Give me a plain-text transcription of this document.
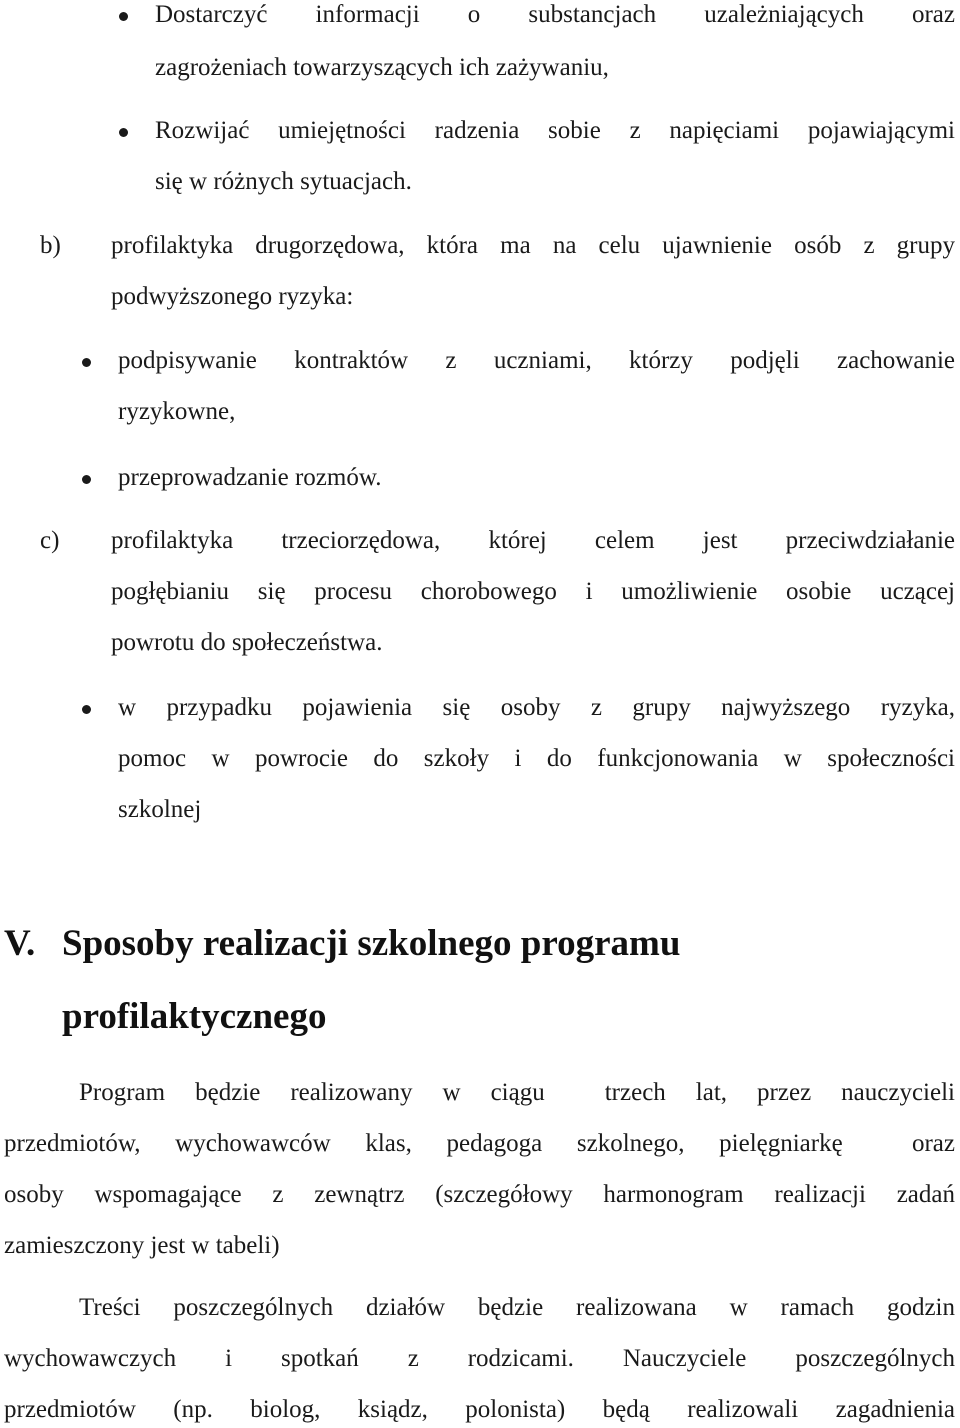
Dostarczyć informacji o substancjach uzależniających oraz
zagrożeniach towarzyszących ich zażywaniu,
Rozwijać umiejętności radzenia sobie z napięciami pojawiającymi
się w różnych sytuacjach.
b) profilaktyka drugorzędowa, która ma na celu ujawnienie osób z grupy
podwyższonego ryzyka:
podpisywanie kontraktów z uczniami, którzy podjęli zachowanie
ryzykowne,
przeprowadzanie rozmów.
c) profilaktyka trzeciorzędowa, której celem jest przeciwdziałanie
pogłębianiu się procesu chorobowego i umożliwienie osobie uczącej
powrotu do społeczeństwa.
w przypadku pojawienia się osoby z grupy najwyższego ryzyka,
pomoc w powrocie do szkoły i do funkcjonowania w społeczności
szkolnej
V. Sposoby realizacji szkolnego programu
profilaktycznego
Program będzie realizowany w ciągu  trzech lat, przez nauczycieli
przedmiotów, wychowawców klas, pedagoga szkolnego, pielęgniarkę  oraz
osoby wspomagające z zewnątrz (szczegółowy harmonogram realizacji zadań
zamieszczony jest w tabeli)
Treści poszczególnych działów będzie realizowana w ramach godzin
wychowawczych i spotkań z rodzicami. Nauczyciele poszczególnych
przedmiotów (np. biolog, ksiądz, polonista) będą realizowali zagadnienia
